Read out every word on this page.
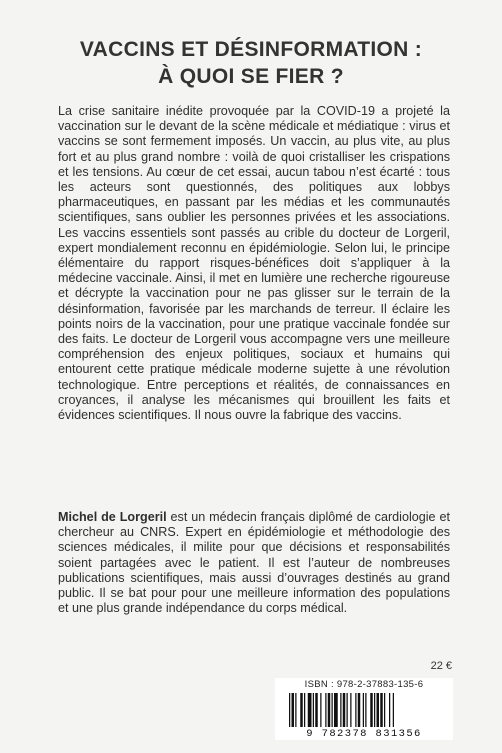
VACCINS ET DÉSINFORMATION :
À QUOI SE FIER ?

La crise sanitaire inédite provoquée par la COVID-19 a projeté la vaccination sur le devant de la scène médicale et médiatique : virus et vaccins se sont fermement imposés. Un vaccin, au plus vite, au plus fort et au plus grand nombre : voilà de quoi cristalliser les crispations et les tensions. Au cœur de cet essai, aucun tabou n’est écarté : tous les acteurs sont questionnés, des politiques aux lobbys pharmaceutiques, en passant par les médias et les communautés scientifiques, sans oublier les personnes privées et les associations. Les vaccins essentiels sont passés au crible du docteur de Lorgeril, expert mondialement reconnu en épidémiologie. Selon lui, le principe élémentaire du rapport risques-bénéfices doit s’appliquer à la médecine vaccinale. Ainsi, il met en lumière une recherche rigoureuse et décrypte la vaccination pour ne pas glisser sur le terrain de la désinformation, favorisée par les marchands de terreur. Il éclaire les points noirs de la vaccination, pour une pratique vaccinale fondée sur des faits. Le docteur de Lorgeril vous accompagne vers une meilleure compréhension des enjeux politiques, sociaux et humains qui entourent cette pratique médicale moderne sujette à une révolution technologique. Entre perceptions et réalités, de connaissances en croyances, il analyse les mécanismes qui brouillent les faits et évidences scientifiques. Il nous ouvre la fabrique des vaccins.

Michel de Lorgeril est un médecin français diplômé de cardiologie et chercheur au CNRS. Expert en épidémiologie et méthodologie des sciences médicales, il milite pour que décisions et responsabilités soient partagées avec le patient. Il est l’auteur de nombreuses publications scientifiques, mais aussi d’ouvrages destinés au grand public. Il se bat pour pour une meilleure information des populations et une plus grande indépendance du corps médical.

22 €
ISBN : 978-2-37883-135-6
9 782378 831356
